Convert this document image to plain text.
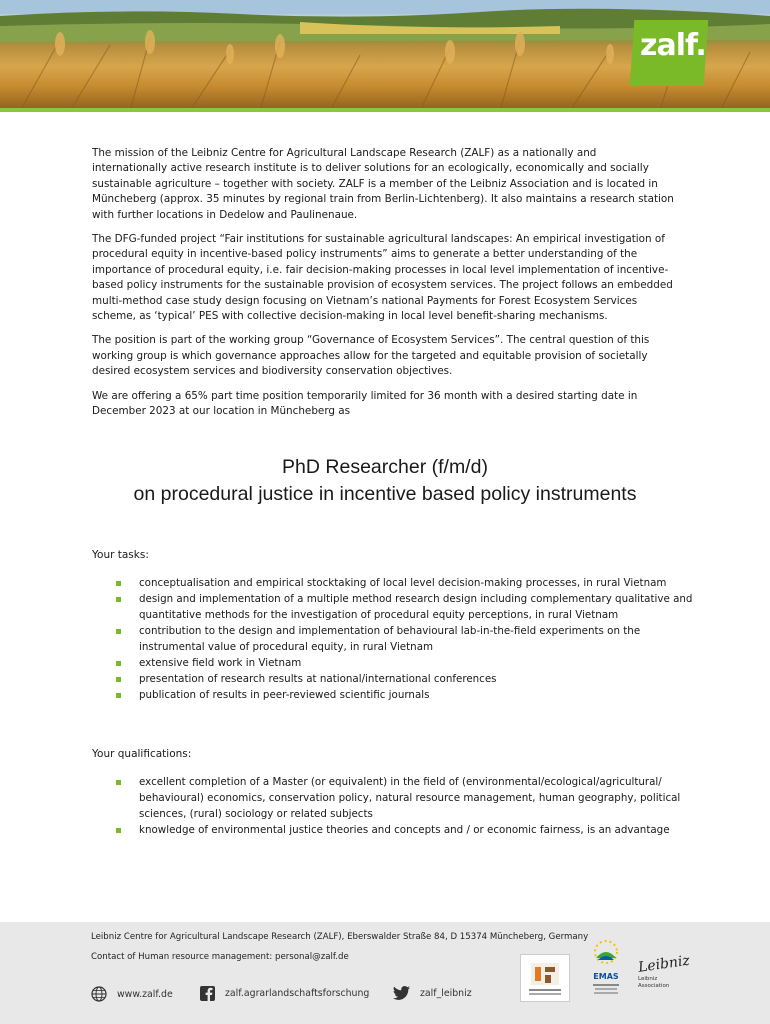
zalf.

The mission of the Leibniz Centre for Agricultural Landscape Research (ZALF) as a nationally and internationally active research institute is to deliver solutions for an ecologically, economically and socially sustainable agriculture – together with society. ZALF is a member of the Leibniz Association and is located in Müncheberg (approx. 35 minutes by regional train from Berlin-Lichtenberg). It also maintains a research station with further locations in Dedelow and Paulinenaue.

The DFG-funded project “Fair institutions for sustainable agricultural landscapes: An empirical investigation of procedural equity in incentive-based policy instruments” aims to generate a better understanding of the importance of procedural equity, i.e. fair decision-making processes in local level implementation of incentive-based policy instruments for the sustainable provision of ecosystem services. The project follows an embedded multi-method case study design focusing on Vietnam’s national Payments for Forest Ecosystem Services scheme, as ‘typical’ PES with collective decision-making in local level benefit-sharing mechanisms.

The position is part of the working group “Governance of Ecosystem Services”. The central question of this working group is which governance approaches allow for the targeted and equitable provision of societally desired ecosystem services and biodiversity conservation objectives.

We are offering a 65% part time position temporarily limited for 36 month with a desired starting date in December 2023 at our location in Müncheberg as

PhD Researcher (f/m/d)
on procedural justice in incentive based policy instruments
Your tasks:
conceptualisation and empirical stocktaking of local level decision-making processes, in rural Vietnam
design and implementation of a multiple method research design including complementary qualitative and quantitative methods for the investigation of procedural equity perceptions, in rural Vietnam
contribution to the design and implementation of behavioural lab-in-the-field experiments on the instrumental value of procedural equity, in rural Vietnam
extensive field work in Vietnam
presentation of research results at national/international conferences
publication of results in peer-reviewed scientific journals
Your qualifications:
excellent completion of a Master (or equivalent) in the field of (environmental/ecological/agricultural/ behavioural) economics, conservation policy, natural resource management, human geography, political sciences, (rural) sociology or related subjects
knowledge of environmental justice theories and concepts and / or economic fairness, is an advantage
Leibniz Centre for Agricultural Landscape Research (ZALF), Eberswalder Straße 84, D 15374 Müncheberg, Germany
Contact of Human resource management: personal@zalf.de
EMAS
Leibniz
Leibniz Association
www.zalf.de	zalf.agrarlandschaftsforschung	zalf_leibniz
